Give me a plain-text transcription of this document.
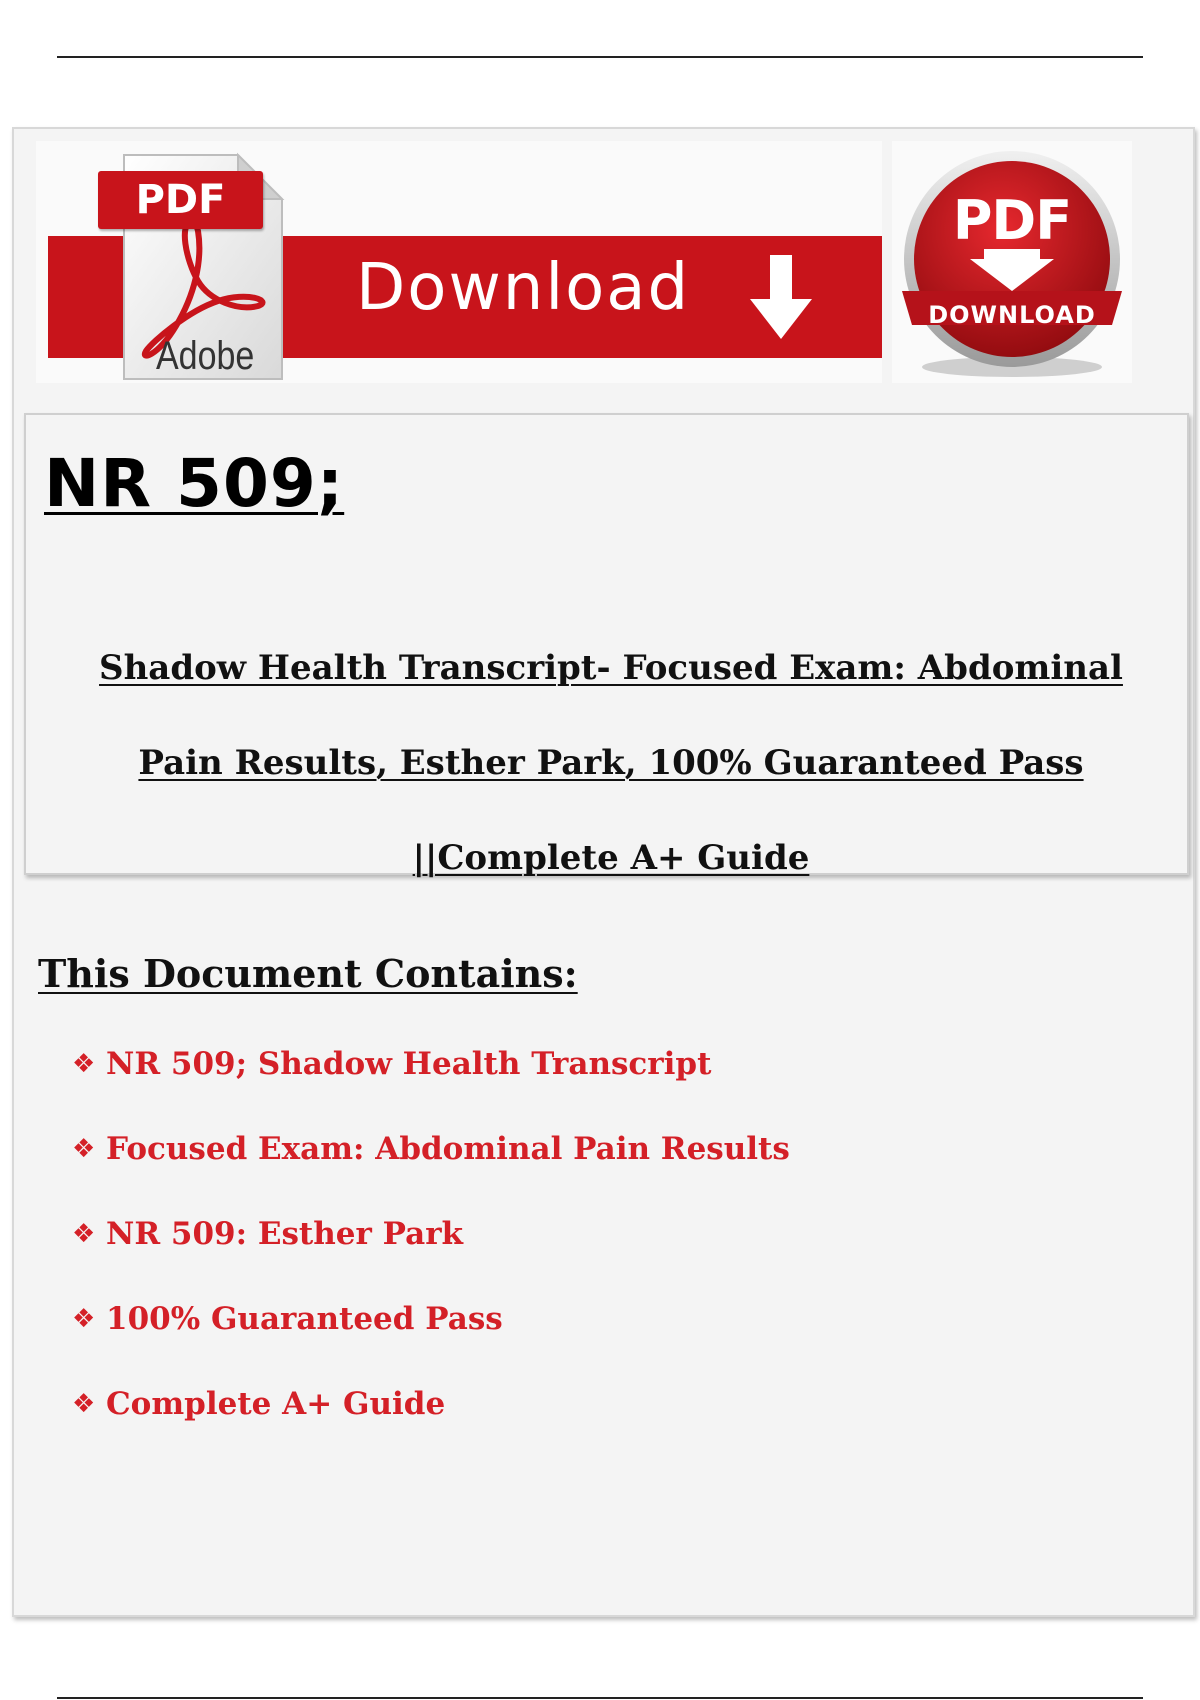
Download
PDF
Adobe
PDF
DOWNLOAD
NR 509;
Shadow Health Transcript- Focused Exam: Abdominal Pain Results, Esther Park, 100% Guaranteed Pass ||Complete A+ Guide
This Document Contains:
❖ NR 509; Shadow Health Transcript
❖ Focused Exam: Abdominal Pain Results
❖ NR 509: Esther Park
❖ 100% Guaranteed Pass
❖ Complete A+ Guide
